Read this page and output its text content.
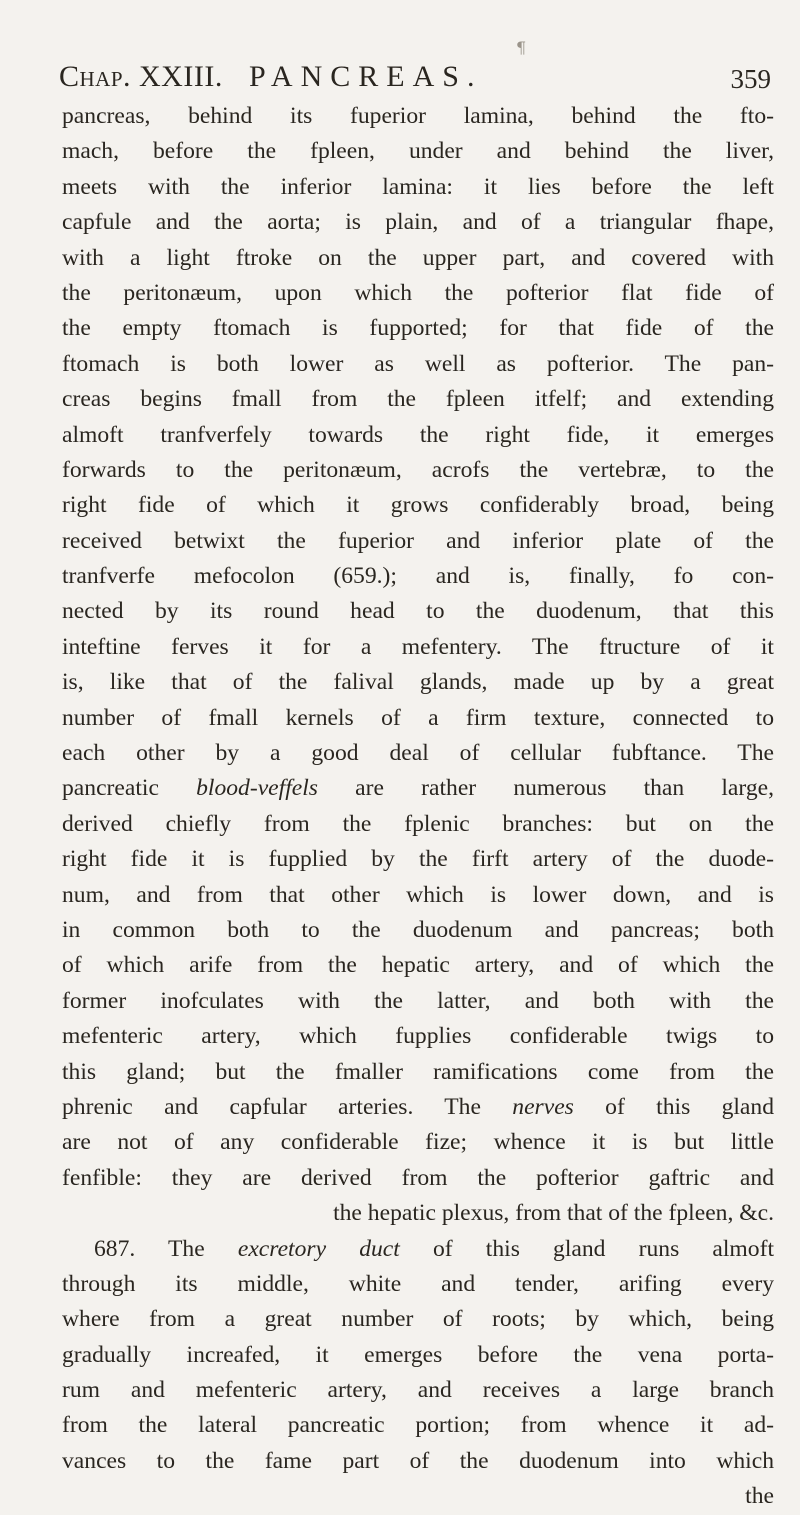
¶
Chap. XXIII. PANCREAS.	359
pancreas, behind its fuperior lamina, behind the fto-
mach, before the fpleen, under and behind the liver,
meets with the inferior lamina: it lies before the left
capfule and the aorta; is plain, and of a triangular fhape,
with a light ftroke on the upper part, and covered with
the peritonæum, upon which the pofterior flat fide of
the empty ftomach is fupported; for that fide of the
ftomach is both lower as well as pofterior. The pan-
creas begins fmall from the fpleen itfelf; and extending
almoft tranfverfely towards the right fide, it emerges
forwards to the peritonæum, acrofs the vertebræ, to the
right fide of which it grows confiderably broad, being
received betwixt the fuperior and inferior plate of the
tranfverfe mefocolon (659.); and is, finally, fo con-
nected by its round head to the duodenum, that this
inteftine ferves it for a mefentery. The ftructure of it
is, like that of the falival glands, made up by a great
number of fmall kernels of a firm texture, connected to
each other by a good deal of cellular fubftance. The
pancreatic blood-veffels are rather numerous than large,
derived chiefly from the fplenic branches: but on the
right fide it is fupplied by the firft artery of the duode-
num, and from that other which is lower down, and is
in common both to the duodenum and pancreas; both
of which arife from the hepatic artery, and of which the
former inofculates with the latter, and both with the
mefenteric artery, which fupplies confiderable twigs to
this gland; but the fmaller ramifications come from the
phrenic and capfular arteries. The nerves of this gland
are not of any confiderable fize; whence it is but little
fenfible: they are derived from the pofterior gaftric and
the hepatic plexus, from that of the fpleen, &c.
687. The excretory duct of this gland runs almoft
through its middle, white and tender, arifing every
where from a great number of roots; by which, being
gradually increafed, it emerges before the vena porta-
rum and mefenteric artery, and receives a large branch
from the lateral pancreatic portion; from whence it ad-
vances to the fame part of the duodenum into which
the
